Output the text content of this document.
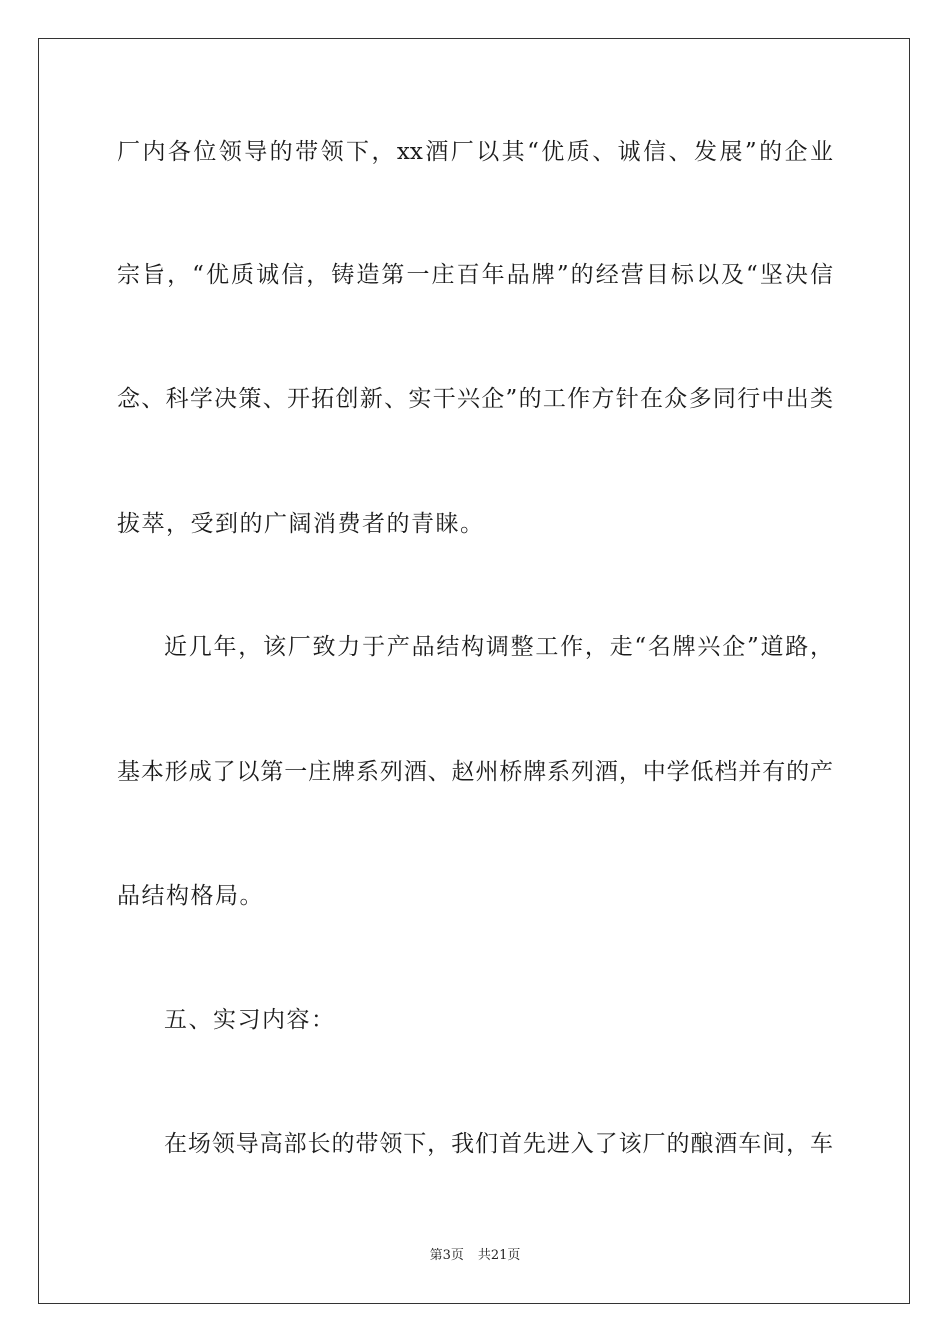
厂内各位领导的带领下，xx酒厂以其“优质、诚信、发展”的企业
宗旨，“优质诚信，铸造第一庄百年品牌”的经营目标以及“坚决信
念、科学决策、开拓创新、实干兴企”的工作方针在众多同行中出类
拔萃，受到的广阔消费者的青睐。
近几年，该厂致力于产品结构调整工作，走“名牌兴企”道路，
基本形成了以第一庄牌系列酒、赵州桥牌系列酒，中学低档并有的产
品结构格局。
五、实习内容：
在场领导高部长的带领下，我们首先进入了该厂的酿酒车间，车
第3页 共21页
